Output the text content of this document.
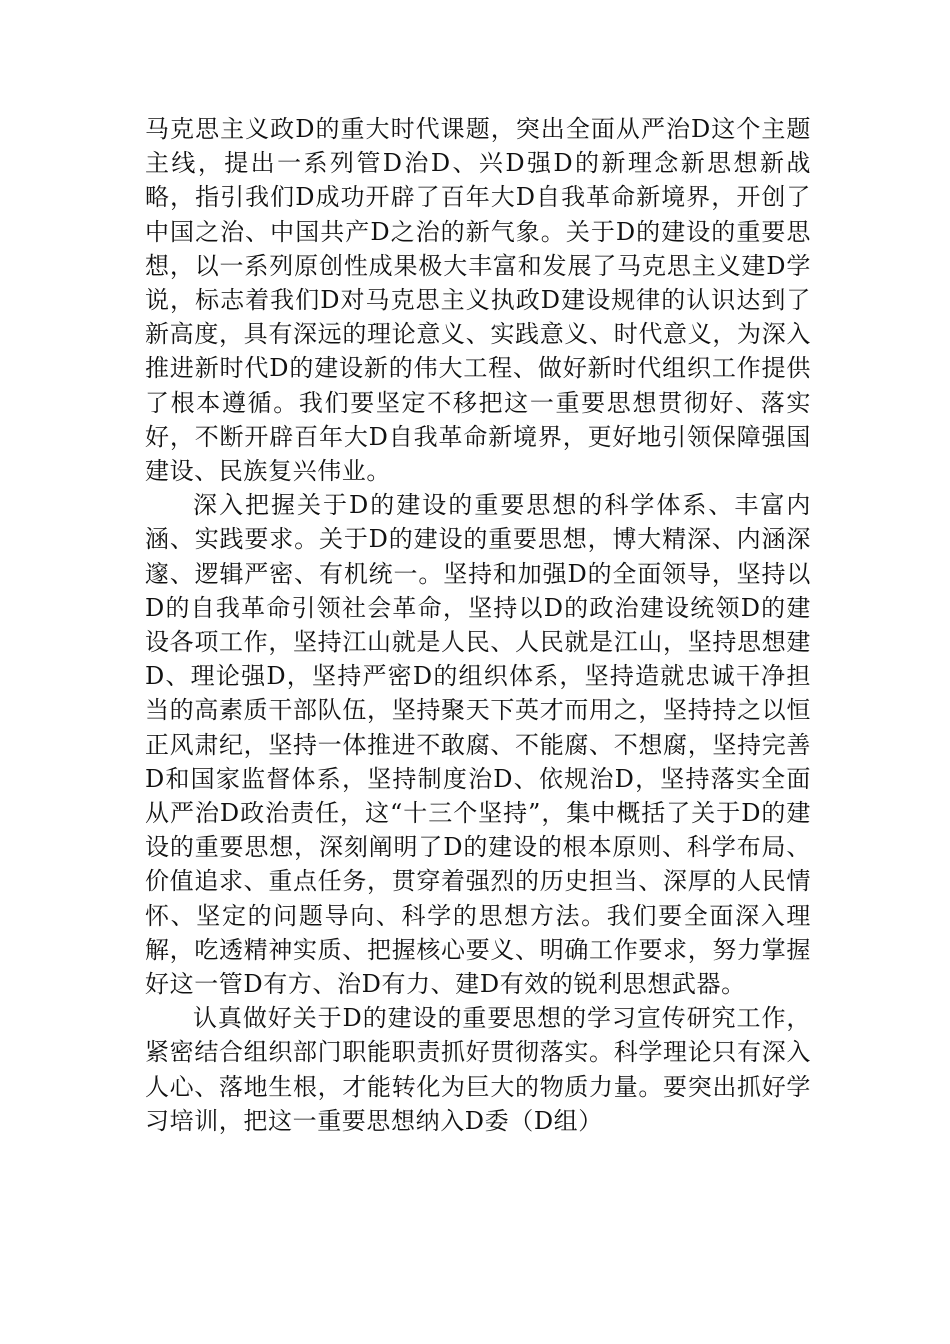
马克思主义政D的重大时代课题，突出全面从严治D这个主题主线，提出一系列管D治D、兴D强D的新理念新思想新战略，指引我们D成功开辟了百年大D自我革命新境界，开创了中国之治、中国共产D之治的新气象。关于D的建设的重要思想，以一系列原创性成果极大丰富和发展了马克思主义建D学说，标志着我们D对马克思主义执政D建设规律的认识达到了新高度，具有深远的理论意义、实践意义、时代意义，为深入推进新时代D的建设新的伟大工程、做好新时代组织工作提供了根本遵循。我们要坚定不移把这一重要思想贯彻好、落实好，不断开辟百年大D自我革命新境界，更好地引领保障强国建设、民族复兴伟业。

深入把握关于D的建设的重要思想的科学体系、丰富内涵、实践要求。关于D的建设的重要思想，博大精深、内涵深邃、逻辑严密、有机统一。坚持和加强D的全面领导，坚持以D的自我革命引领社会革命，坚持以D的政治建设统领D的建设各项工作，坚持江山就是人民、人民就是江山，坚持思想建D、理论强D，坚持严密D的组织体系，坚持造就忠诚干净担当的高素质干部队伍，坚持聚天下英才而用之，坚持持之以恒正风肃纪，坚持一体推进不敢腐、不能腐、不想腐，坚持完善D和国家监督体系，坚持制度治D、依规治D，坚持落实全面从严治D政治责任，这“十三个坚持”，集中概括了关于D的建设的重要思想，深刻阐明了D的建设的根本原则、科学布局、价值追求、重点任务，贯穿着强烈的历史担当、深厚的人民情怀、坚定的问题导向、科学的思想方法。我们要全面深入理解，吃透精神实质、把握核心要义、明确工作要求，努力掌握好这一管D有方、治D有力、建D有效的锐利思想武器。

认真做好关于D的建设的重要思想的学习宣传研究工作，紧密结合组织部门职能职责抓好贯彻落实。科学理论只有深入人心、落地生根，才能转化为巨大的物质力量。要突出抓好学习培训，把这一重要思想纳入D委（D组）
